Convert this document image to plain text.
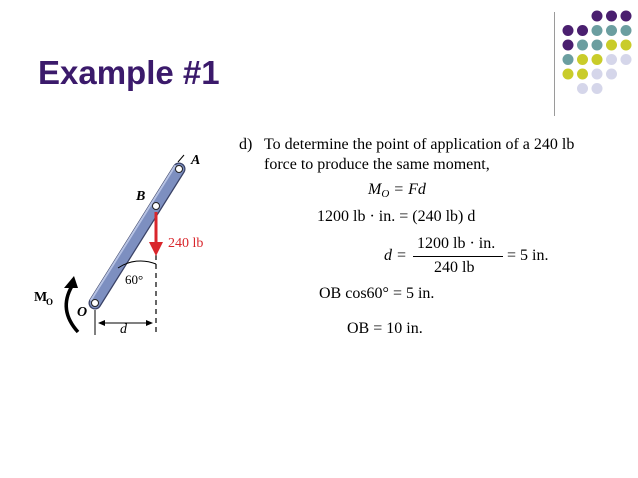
Example #1
A
B
O
240 lb
60°
M
O
d
d) To determine the point of application of a 240 lb
force to produce the same moment,
MO = Fd
1200 lb · in. = (240 lb) d
d =
1200 lb · in.
240 lb
= 5 in.
OB cos60° = 5 in.
OB = 10 in.
